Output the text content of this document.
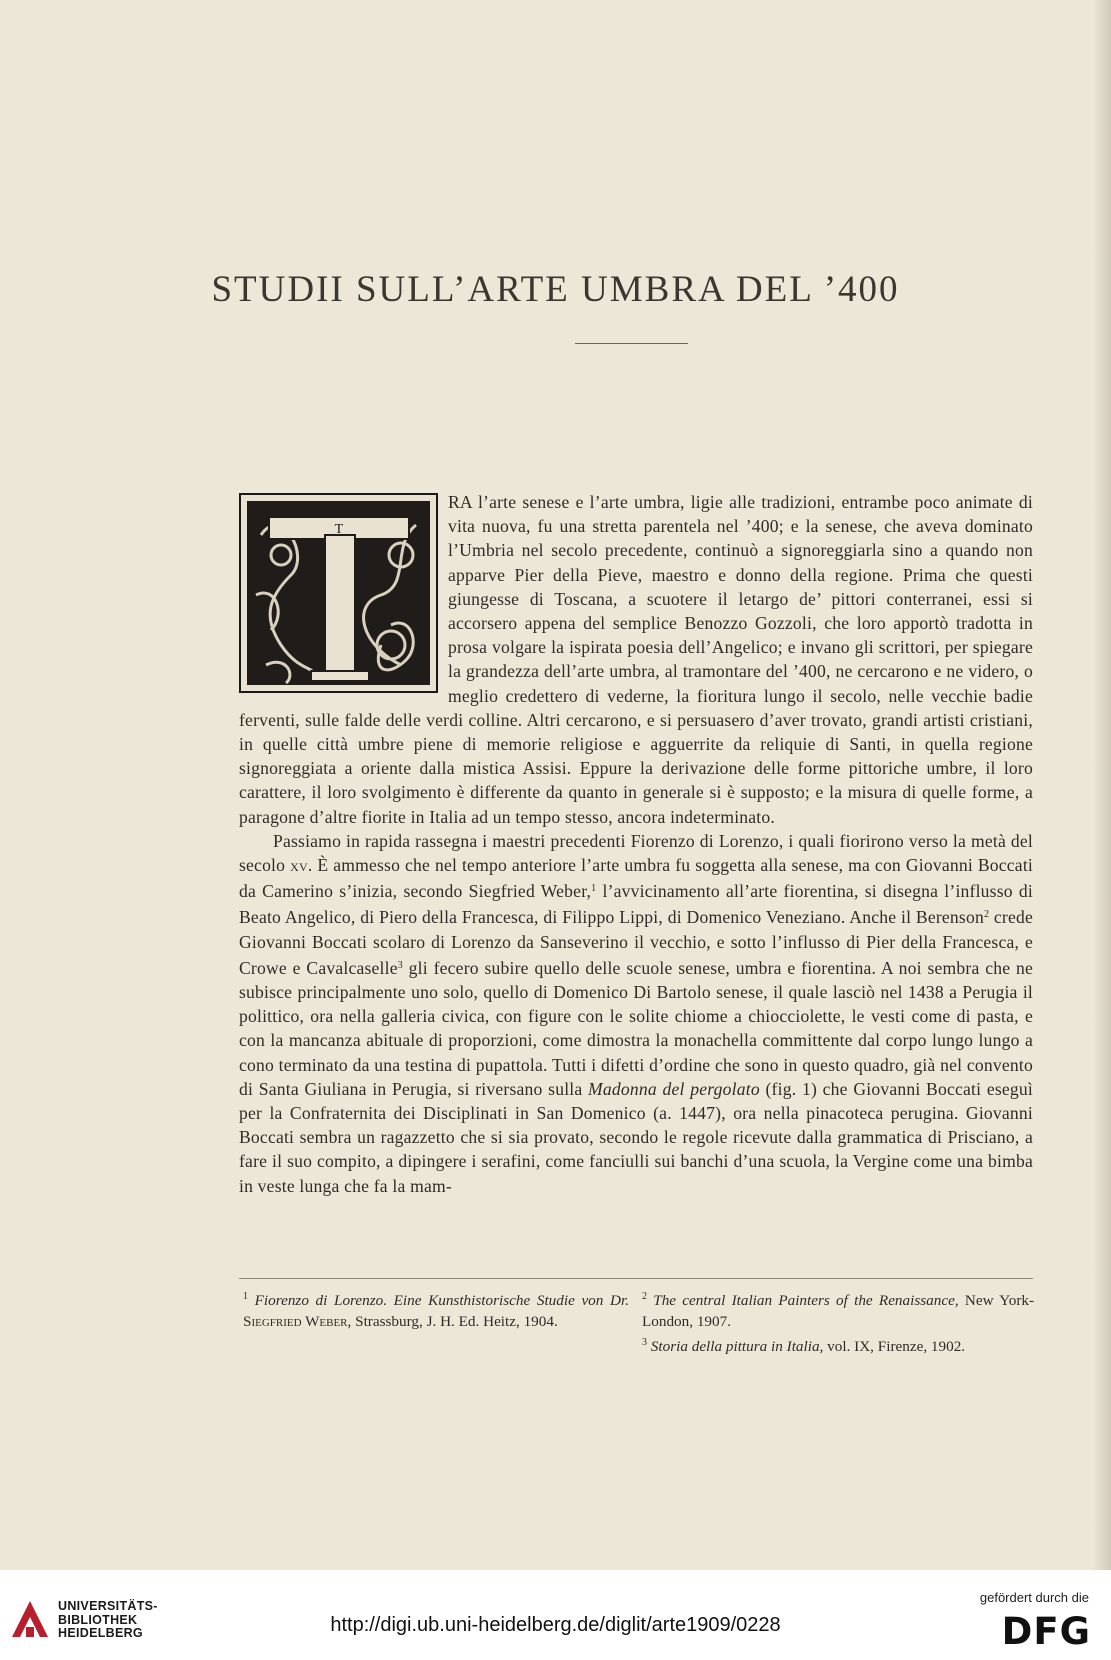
STUDII SULL’ARTE UMBRA DEL ’400
T

RA l’arte senese e l’arte umbra, ligie alle tradizioni, entrambe poco animate di vita nuova, fu una stretta parentela nel ’400; e la senese, che aveva dominato l’Umbria nel secolo precedente, continuò a signoreggiarla sino a quando non apparve Pier della Pieve, maestro e donno della regione. Prima che questi giungesse di Toscana, a scuotere il letargo de’ pittori conterranei, essi si accorsero appena del semplice Benozzo Gozzoli, che loro apportò tradotta in prosa volgare la ispirata poesia dell’Angelico; e invano gli scrittori, per spiegare la grandezza dell’arte umbra, al tramontare del ’400, ne cercarono e ne videro, o meglio credettero di vederne, la fioritura lungo il secolo, nelle vecchie badie ferventi, sulle falde delle verdi colline. Altri cercarono, e si persuasero d’aver trovato, grandi artisti cristiani, in quelle città umbre piene di memorie religiose e agguerrite da reliquie di Santi, in quella regione signoreggiata a oriente dalla mistica Assisi. Eppure la derivazione delle forme pittoriche umbre, il loro carattere, il loro svolgimento è differente da quanto in generale si è supposto; e la misura di quelle forme, a paragone d’altre fiorite in Italia ad un tempo stesso, ancora indeterminato.

Passiamo in rapida rassegna i maestri precedenti Fiorenzo di Lorenzo, i quali fiorirono verso la metà del secolo xv. È ammesso che nel tempo anteriore l’arte umbra fu soggetta alla senese, ma con Giovanni Boccati da Camerino s’inizia, secondo Siegfried Weber,$^1$ l’avvicinamento all’arte fiorentina, si disegna l’influsso di Beato Angelico, di Piero della Francesca, di Filippo Lippi, di Domenico Veneziano. Anche il Berenson$^2$ crede Giovanni Boccati scolaro di Lorenzo da Sanseverino il vecchio, e sotto l’influsso di Pier della Francesca, e Crowe e Cavalcaselle$^3$ gli fecero subire quello delle scuole senese, umbra e fiorentina. A noi sembra che ne subisce principalmente uno solo, quello di Domenico Di Bartolo senese, il quale lasciò nel 1438 a Perugia il polittico, ora nella galleria civica, con figure con le solite chiome a chiocciolette, le vesti come di pasta, e con la mancanza abituale di proporzioni, come dimostra la monachella committente dal corpo lungo lungo a cono terminato da una testina di pupattola. Tutti i difetti d’ordine che sono in questo quadro, già nel convento di Santa Giuliana in Perugia, si riversano sulla Madonna del pergolato (fig. 1) che Giovanni Boccati eseguì per la Confraternita dei Disciplinati in San Domenico (a. 1447), ora nella pinacoteca perugina. Giovanni Boccati sembra un ragazzetto che si sia provato, secondo le regole ricevute dalla grammatica di Prisciano, a fare il suo compito, a dipingere i serafini, come fanciulli sui banchi d’una scuola, la Vergine come una bimba in veste lunga che fa la mam-

$^1$ Fiorenzo di Lorenzo. Eine Kunsthistorische Studie von Dr. Siegfried Weber, Strassburg, J. H. Ed. Heitz, 1904.
$^2$ The central Italian Painters of the Renaissance, New York-London, 1907.
$^3$ Storia della pittura in Italia, vol. IX, Firenze, 1902.
UNIVERSITÄTS-
BIBLIOTHEK
HEIDELBERG	http://digi.ub.uni-heidelberg.de/diglit/arte1909/0228
gefördert durch die
DFG
